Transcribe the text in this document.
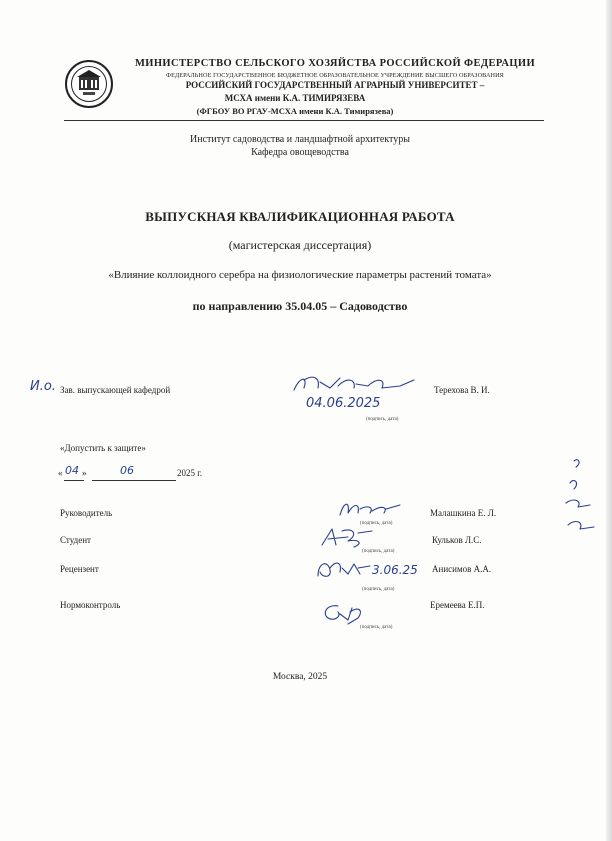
МИНИСТЕРСТВО СЕЛЬСКОГО ХОЗЯЙСТВА РОССИЙСКОЙ ФЕДЕРАЦИИ
ФЕДЕРАЛЬНОЕ ГОСУДАРСТВЕННОЕ БЮДЖЕТНОЕ ОБРАЗОВАТЕЛЬНОЕ УЧРЕЖДЕНИЕ ВЫСШЕГО ОБРАЗОВАНИЯ
РОССИЙСКИЙ ГОСУДАРСТВЕННЫЙ АГРАРНЫЙ УНИВЕРСИТЕТ –
МСХА имени К.А. ТИМИРЯЗЕВА
(ФГБОУ ВО РГАУ-МСХА имени К.А. Тимирязева)
Институт садоводства и ландшафтной архитектуры
Кафедра овощеводства
ВЫПУСКНАЯ КВАЛИФИКАЦИОННАЯ РАБОТА
(магистерская диссертация)
«Влияние коллоидного серебра на физиологические параметры растений томата»
по направлению 35.04.05 – Садоводство
И.о. Зав. выпускающей кафедрой
04.06.2025
(подпись, дата)
Терехова В. И.
«Допустить к защите»
« 04 »	06	2025 г.
Руководитель
(подпись, дата)
Малашкина Е. Л.
Студент
(подпись, дата)
Кульков Л.С.
Рецензент	3.06.25
(подпись, дата)
Анисимов А.А.
Нормоконтроль
(подпись, дата)
Еремеева Е.П.
Москва, 2025
